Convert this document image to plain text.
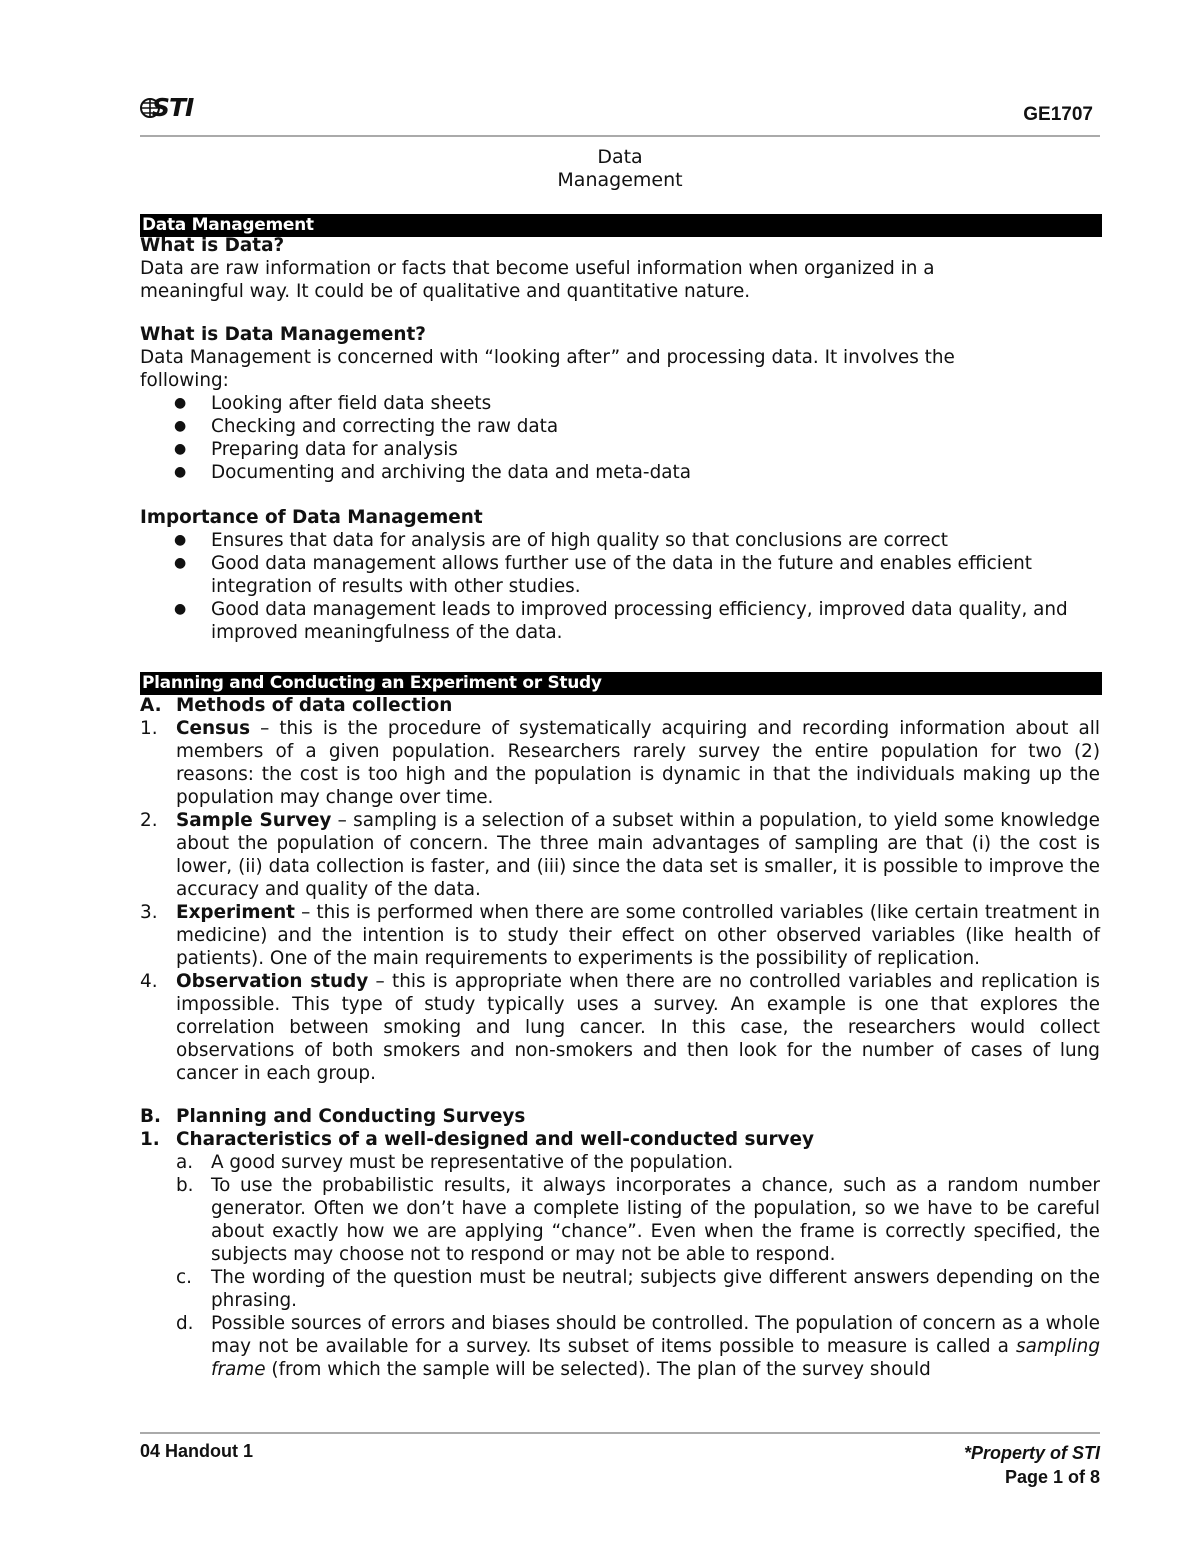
STI	GE1707
Data
Management
Data Management
What is Data?
Data are raw information or facts that become useful information when organized in a
meaningful way. It could be of qualitative and quantitative nature.
What is Data Management?
Data Management is concerned with “looking after” and processing data. It involves the
following:
● Looking after field data sheets
● Checking and correcting the raw data
● Preparing data for analysis
● Documenting and archiving the data and meta-data
Importance of Data Management
● Ensures that data for analysis are of high quality so that conclusions are correct
● Good data management allows further use of the data in the future and enables efficient integration of results with other studies.
● Good data management leads to improved processing efficiency, improved data quality, and improved meaningfulness of the data.
Planning and Conducting an Experiment or Study
A. Methods of data collection
1. Census – this is the procedure of systematically acquiring and recording information about all members of a given population. Researchers rarely survey the entire population for two (2) reasons: the cost is too high and the population is dynamic in that the individuals making up the population may change over time.
2. Sample Survey – sampling is a selection of a subset within a population, to yield some knowledge about the population of concern. The three main advantages of sampling are that (i) the cost is lower, (ii) data collection is faster, and (iii) since the data set is smaller, it is possible to improve the accuracy and quality of the data.
3. Experiment – this is performed when there are some controlled variables (like certain treatment in medicine) and the intention is to study their effect on other observed variables (like health of patients). One of the main requirements to experiments is the possibility of replication.
4. Observation study – this is appropriate when there are no controlled variables and replication is impossible. This type of study typically uses a survey. An example is one that explores the correlation between smoking and lung cancer. In this case, the researchers would collect observations of both smokers and non-smokers and then look for the number of cases of lung cancer in each group.
B. Planning and Conducting Surveys
1. Characteristics of a well-designed and well-conducted survey
a. A good survey must be representative of the population.
b. To use the probabilistic results, it always incorporates a chance, such as a random number generator. Often we don’t have a complete listing of the population, so we have to be careful about exactly how we are applying “chance”. Even when the frame is correctly specified, the subjects may choose not to respond or may not be able to respond.
c. The wording of the question must be neutral; subjects give different answers depending on the phrasing.
d. Possible sources of errors and biases should be controlled. The population of concern as a whole may not be available for a survey. Its subset of items possible to measure is called a sampling frame (from which the sample will be selected). The plan of the survey should
04 Handout 1	*Property of STI
Page 1 of 8
